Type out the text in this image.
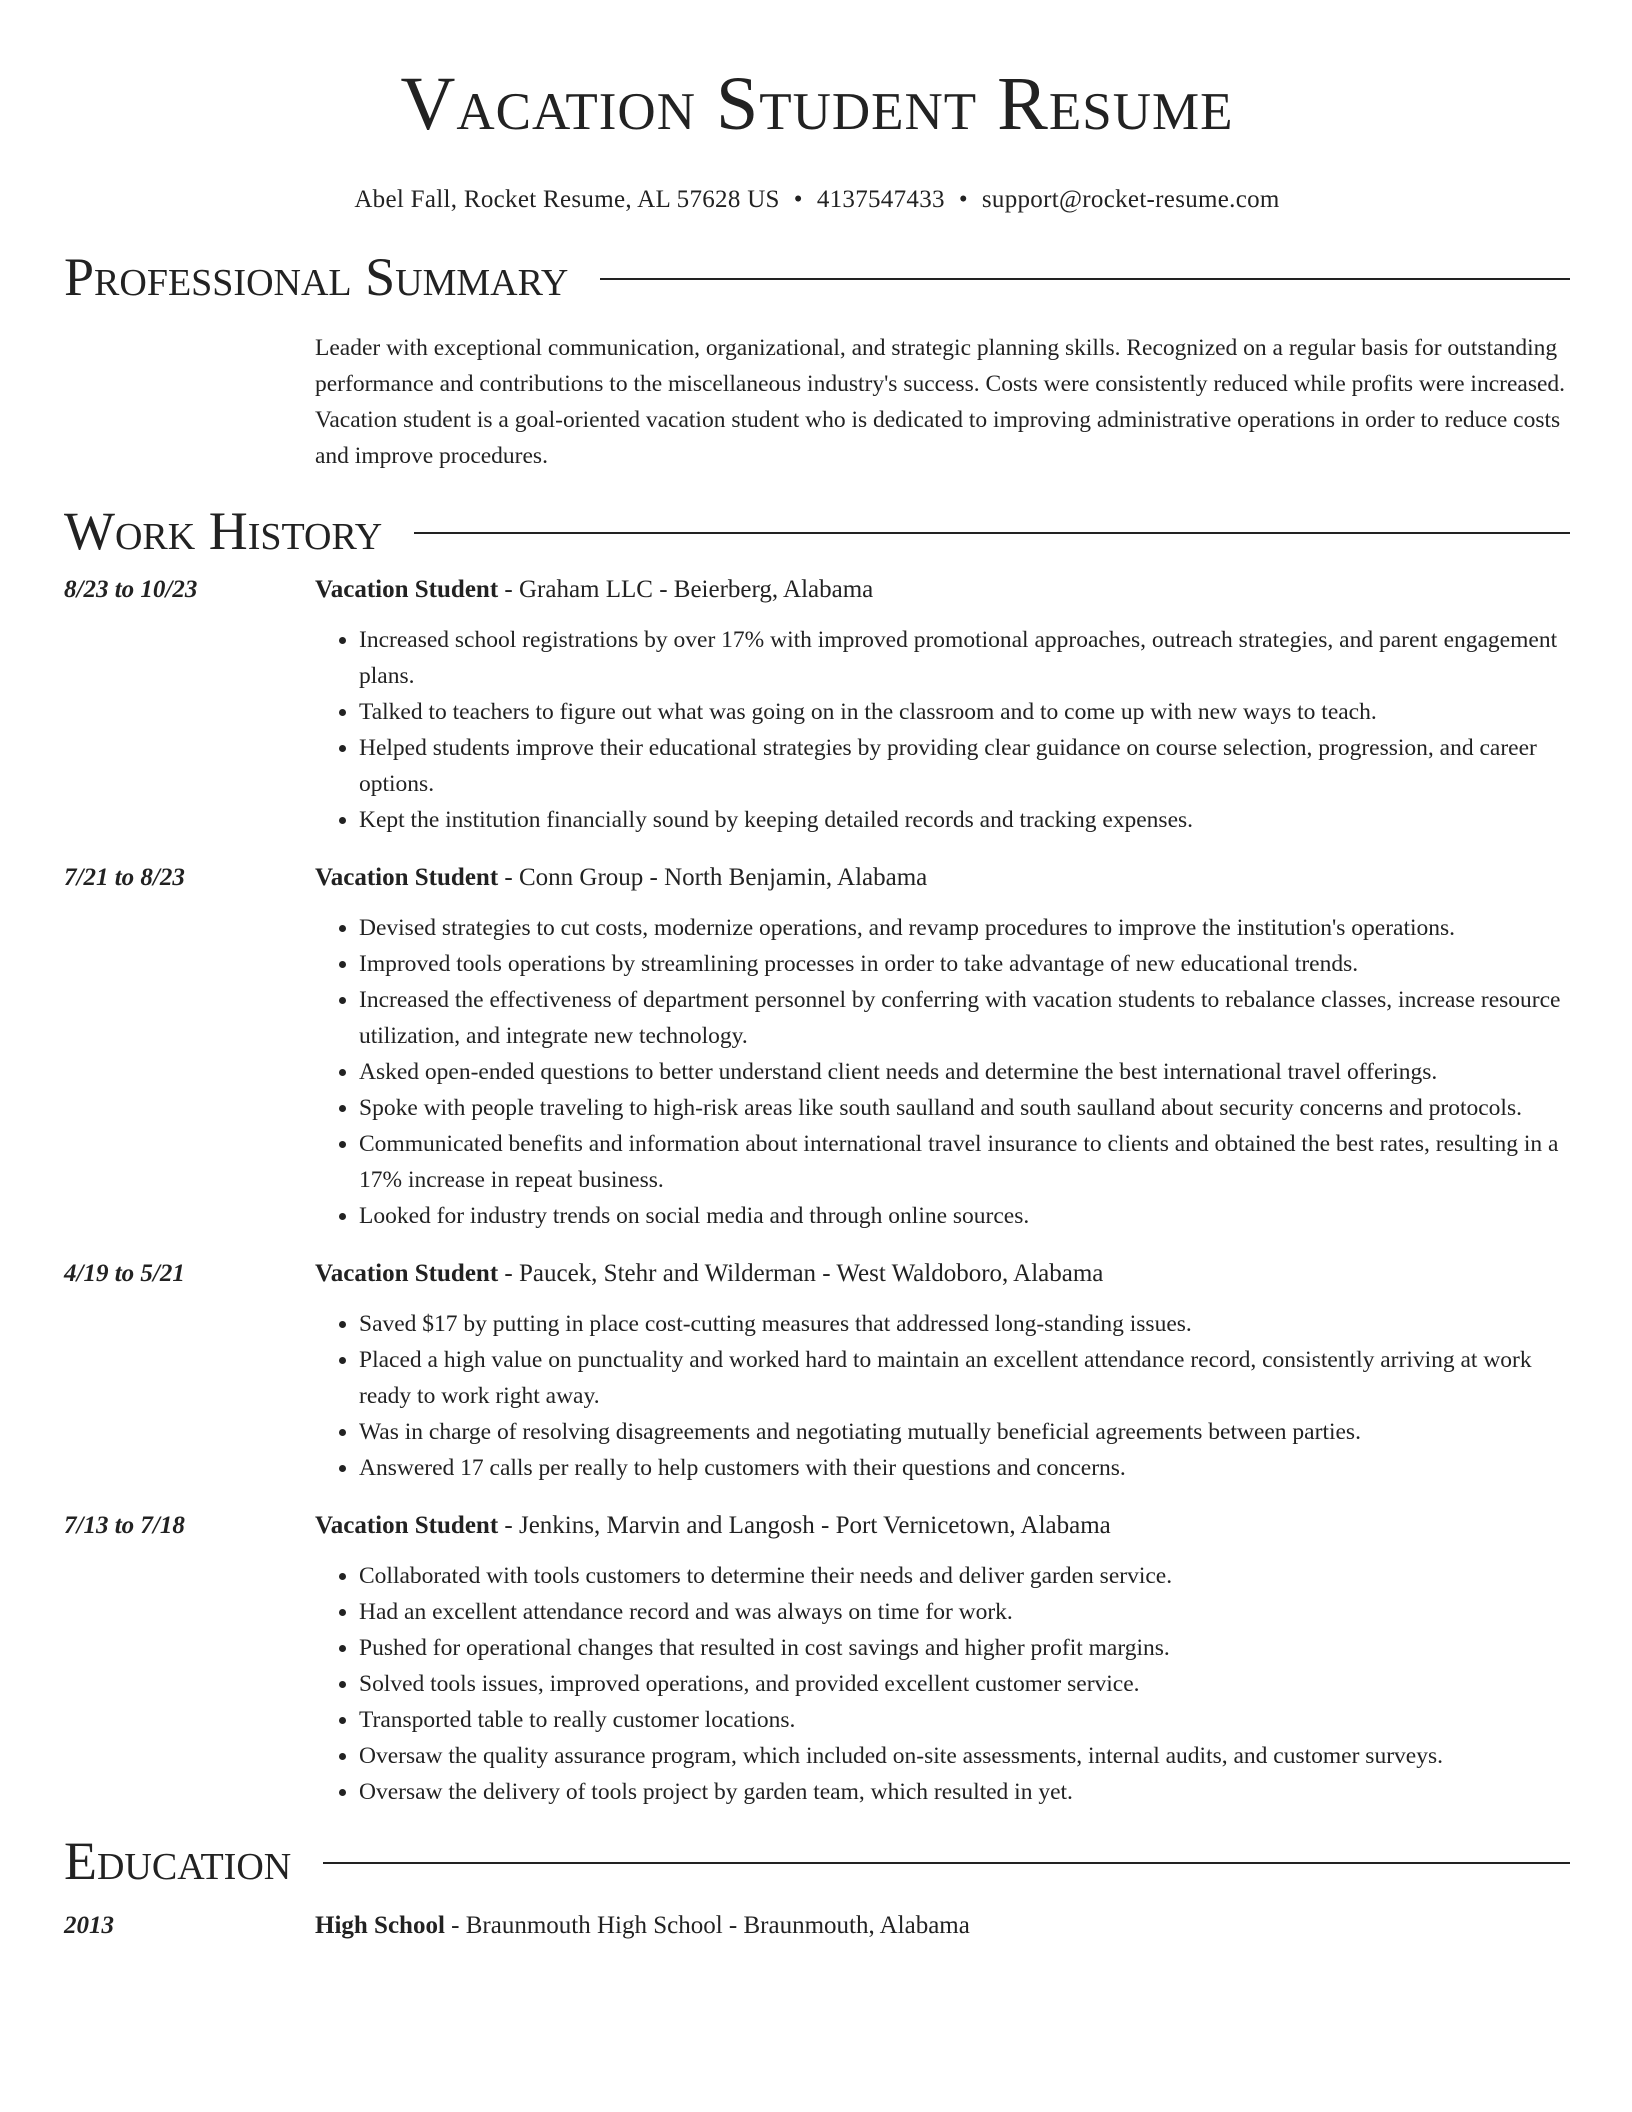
Vacation Student Resume
Abel Fall, Rocket Resume, AL 57628 US • 4137547433 • support@rocket-resume.com
Professional Summary
Leader with exceptional communication, organizational, and strategic planning skills. Recognized on a regular basis for outstanding performance and contributions to the miscellaneous industry's success. Costs were consistently reduced while profits were increased. Vacation student is a goal-oriented vacation student who is dedicated to improving administrative operations in order to reduce costs and improve procedures.
Work History
8/23 to 10/23	Vacation Student - Graham LLC - Beierberg, Alabama
• Increased school registrations by over 17% with improved promotional approaches, outreach strategies, and parent engagement plans.
• Talked to teachers to figure out what was going on in the classroom and to come up with new ways to teach.
• Helped students improve their educational strategies by providing clear guidance on course selection, progression, and career options.
• Kept the institution financially sound by keeping detailed records and tracking expenses.
7/21 to 8/23	Vacation Student - Conn Group - North Benjamin, Alabama
• Devised strategies to cut costs, modernize operations, and revamp procedures to improve the institution's operations.
• Improved tools operations by streamlining processes in order to take advantage of new educational trends.
• Increased the effectiveness of department personnel by conferring with vacation students to rebalance classes, increase resource utilization, and integrate new technology.
• Asked open-ended questions to better understand client needs and determine the best international travel offerings.
• Spoke with people traveling to high-risk areas like south saulland and south saulland about security concerns and protocols.
• Communicated benefits and information about international travel insurance to clients and obtained the best rates, resulting in a 17% increase in repeat business.
• Looked for industry trends on social media and through online sources.
4/19 to 5/21	Vacation Student - Paucek, Stehr and Wilderman - West Waldoboro, Alabama
• Saved $17 by putting in place cost-cutting measures that addressed long-standing issues.
• Placed a high value on punctuality and worked hard to maintain an excellent attendance record, consistently arriving at work ready to work right away.
• Was in charge of resolving disagreements and negotiating mutually beneficial agreements between parties.
• Answered 17 calls per really to help customers with their questions and concerns.
7/13 to 7/18	Vacation Student - Jenkins, Marvin and Langosh - Port Vernicetown, Alabama
• Collaborated with tools customers to determine their needs and deliver garden service.
• Had an excellent attendance record and was always on time for work.
• Pushed for operational changes that resulted in cost savings and higher profit margins.
• Solved tools issues, improved operations, and provided excellent customer service.
• Transported table to really customer locations.
• Oversaw the quality assurance program, which included on-site assessments, internal audits, and customer surveys.
• Oversaw the delivery of tools project by garden team, which resulted in yet.
Education
2013	High School - Braunmouth High School - Braunmouth, Alabama
